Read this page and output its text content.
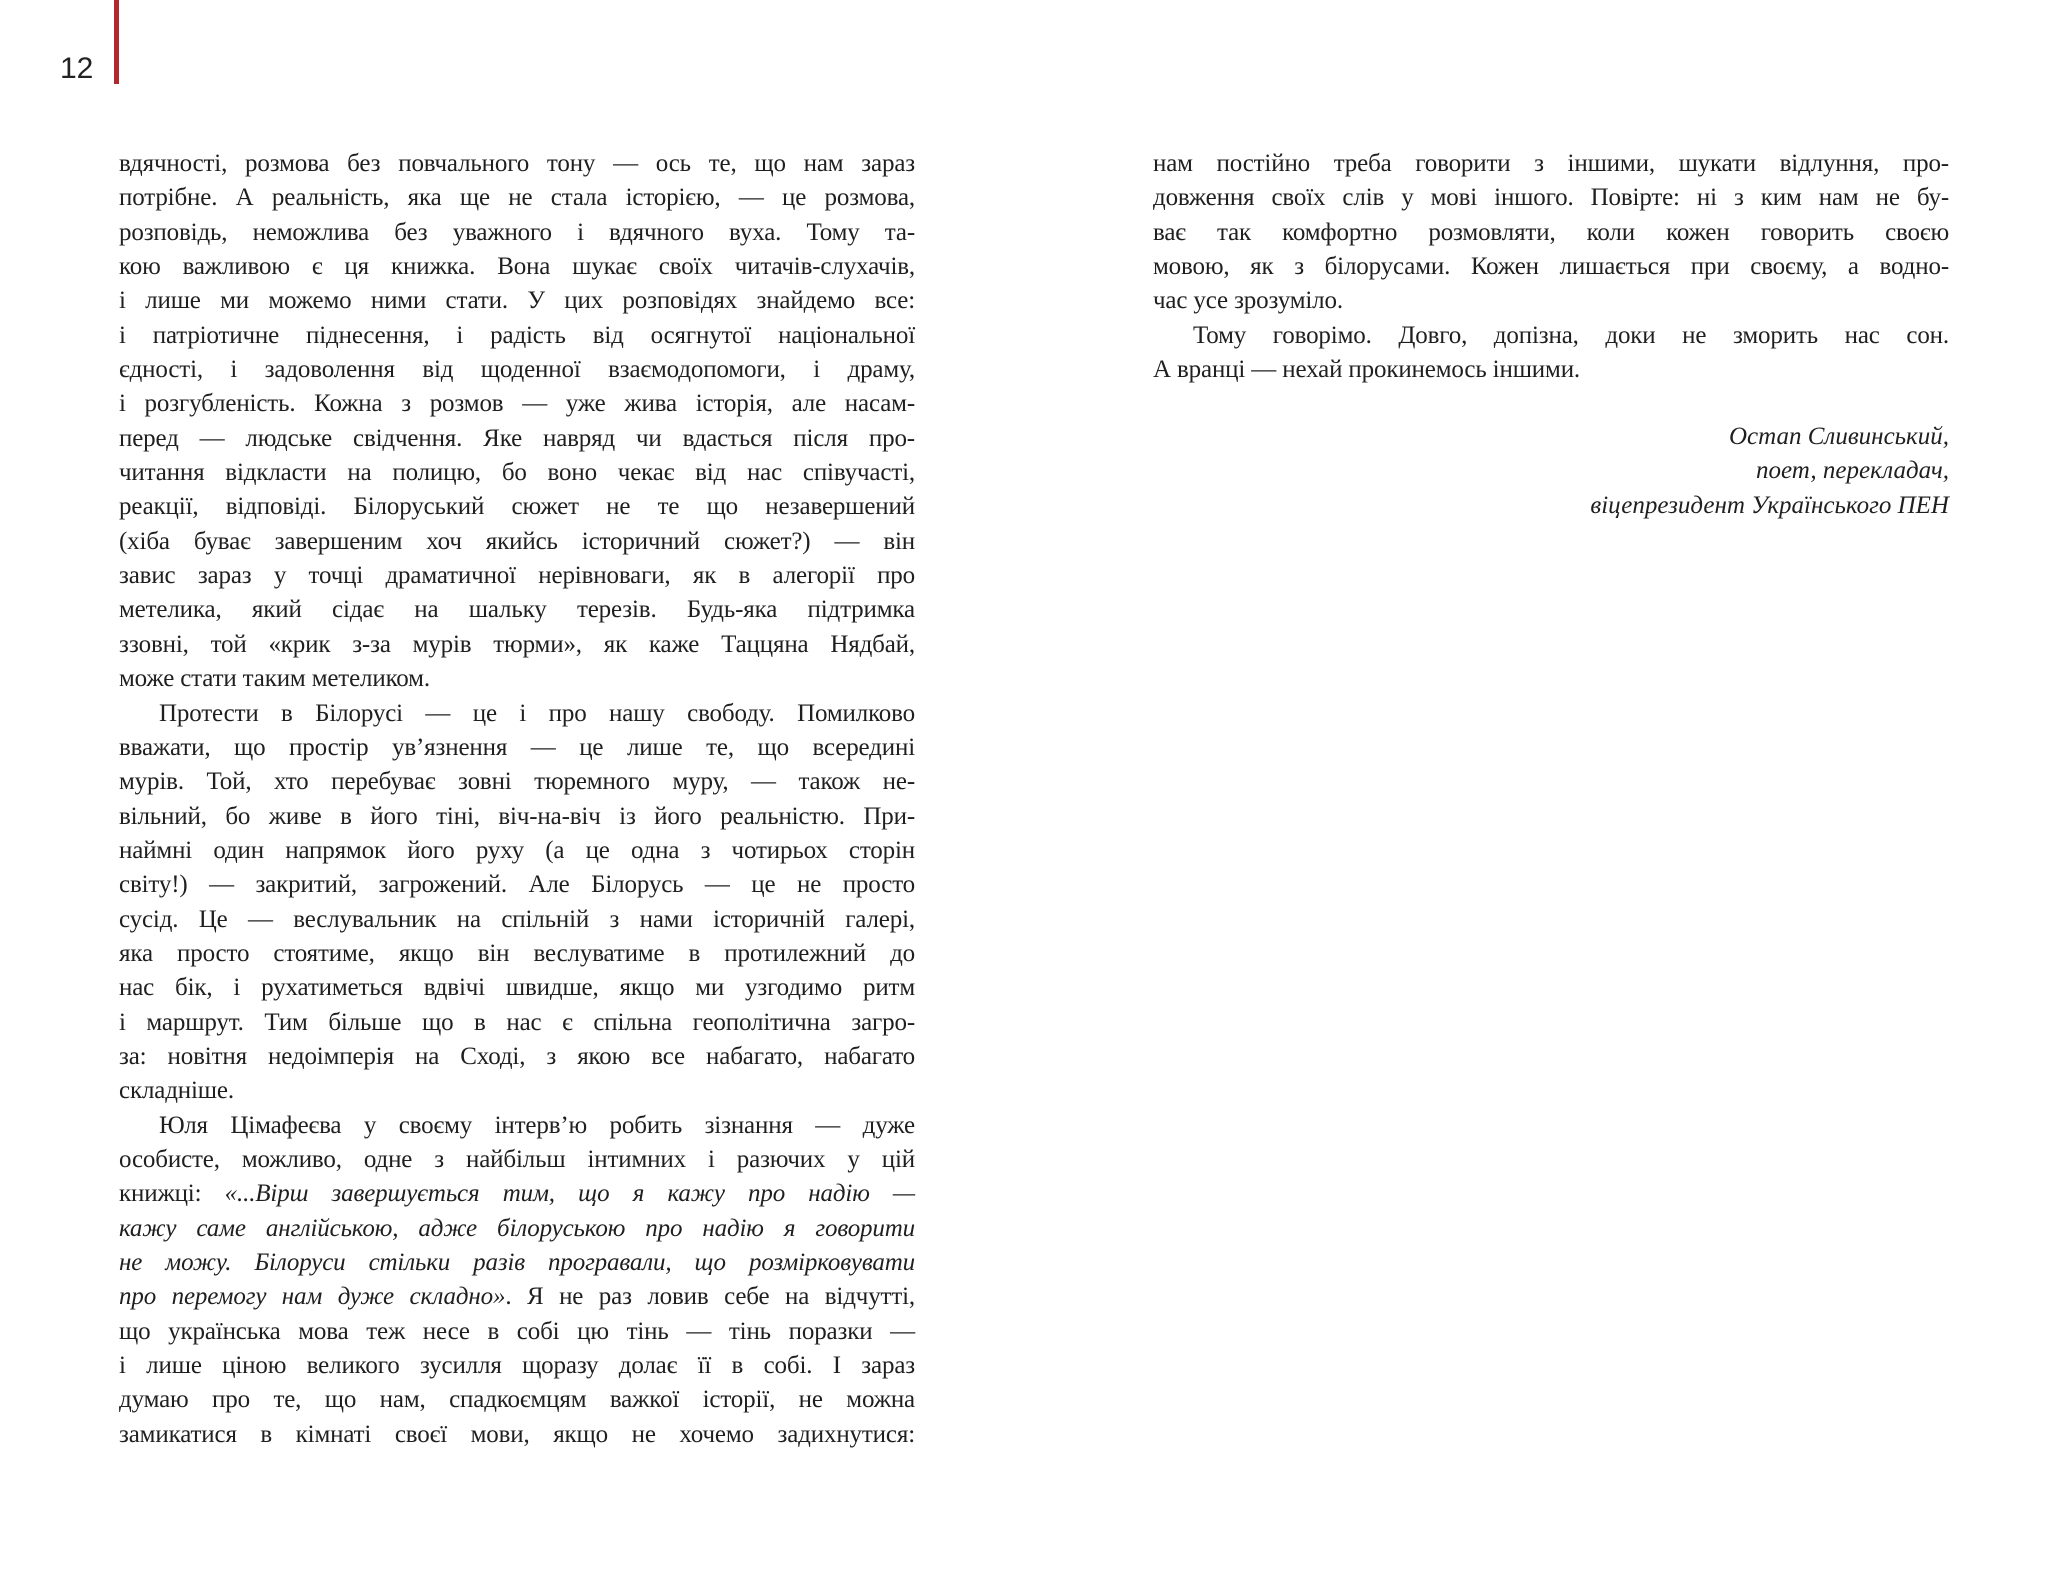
12
вдячності, розмова без повчального тону — ось те, що нам зараз
потрібне. А реальність, яка ще не стала історією, — це розмова,
розповідь, неможлива без уважного і вдячного вуха. Тому та-
кою важливою є ця книжка. Вона шукає своїх читачів-слухачів,
і лише ми можемо ними стати. У цих розповідях знайдемо все:
і патріотичне піднесення, і радість від осягнутої національної
єдності, і задоволення від щоденної взаємодопомоги, і драму,
і розгубленість. Кожна з розмов — уже жива історія, але насам-
перед — людське свідчення. Яке навряд чи вдасться після про-
читання відкласти на полицю, бо воно чекає від нас співучасті,
реакції, відповіді. Білоруський сюжет не те що незавершений
(хіба буває завершеним хоч якийсь історичний сюжет?) — він
завис зараз у точці драматичної нерівноваги, як в алегорії про
метелика, який сідає на шальку терезів. Будь-яка підтримка
ззовні, той «крик з-за мурів тюрми», як каже Таццяна Нядбай,
може стати таким метеликом.
Протести в Білорусі — це і про нашу свободу. Помилково
вважати, що простір ув’язнення — це лише те, що всередині
мурів. Той, хто перебуває зовні тюремного муру, — також не-
вільний, бо живе в його тіні, віч-на-віч із його реальністю. При-
наймні один напрямок його руху (а це одна з чотирьох сторін
світу!) — закритий, загрожений. Але Білорусь — це не просто
сусід. Це — веслувальник на спільній з нами історичній галері,
яка просто стоятиме, якщо він веслуватиме в протилежний до
нас бік, і рухатиметься вдвічі швидше, якщо ми узгодимо ритм
і маршрут. Тим більше що в нас є спільна геополітична загро-
за: новітня недоімперія на Сході, з якою все набагато, набагато
складніше.
Юля Цімафеєва у своєму інтерв’ю робить зізнання — дуже
особисте, можливо, одне з найбільш інтимних і разючих у цій
книжці: «...Вірш завершується тим, що я кажу про надію —
кажу саме англійською, адже білоруською про надію я говорити
не можу. Білоруси стільки разів програвали, що розмірковувати
про перемогу нам дуже складно». Я не раз ловив себе на відчутті,
що українська мова теж несе в собі цю тінь — тінь поразки —
і лише ціною великого зусилля щоразу долає її в собі. І зараз
думаю про те, що нам, спадкоємцям важкої історії, не можна
замикатися в кімнаті своєї мови, якщо не хочемо задихнутися:
нам постійно треба говорити з іншими, шукати відлуння, про-
довження своїх слів у мові іншого. Повірте: ні з ким нам не бу-
ває так комфортно розмовляти, коли кожен говорить своєю
мовою, як з білорусами. Кожен лишається при своєму, а водно-
час усе зрозуміло.
Тому говорімо. Довго, допізна, доки не зморить нас сон.
А вранці — нехай прокинемось іншими.
Остап Сливинський,
поет, перекладач,
віцепрезидент Українського ПЕН
